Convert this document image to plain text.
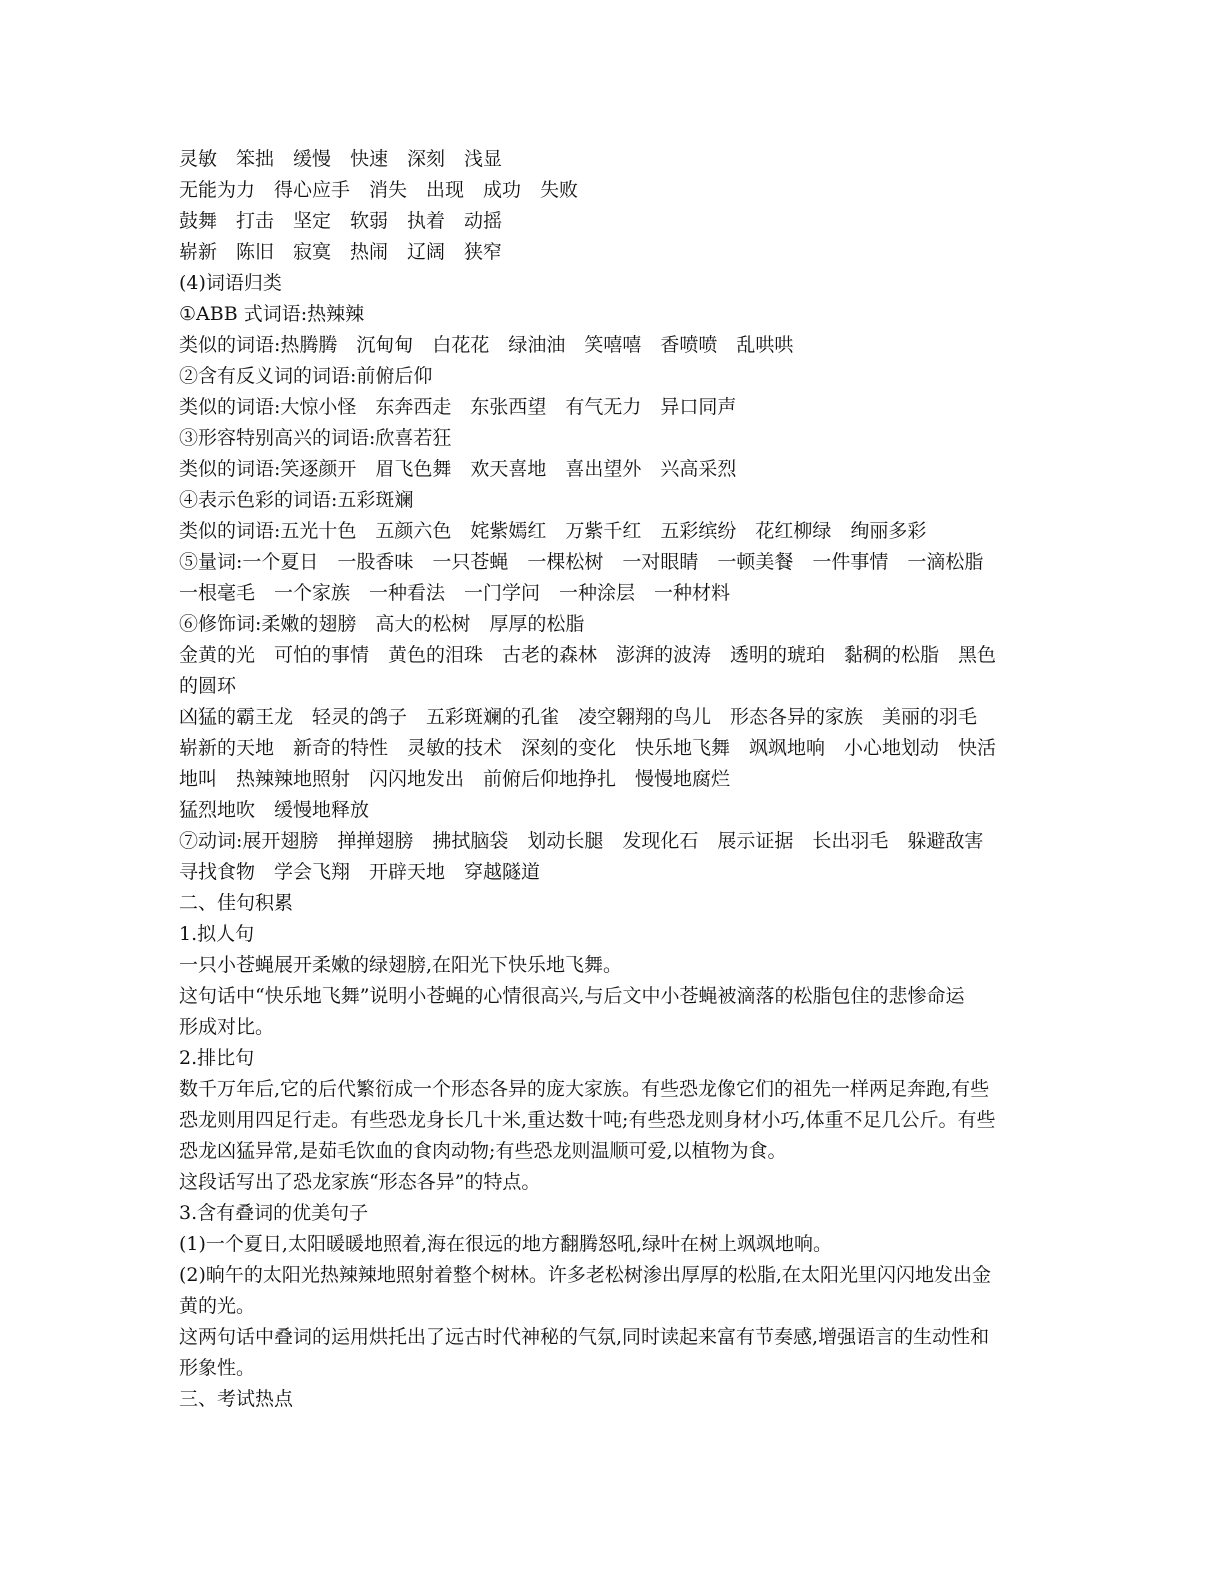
灵敏　笨拙　缓慢　快速　深刻　浅显
无能为力　得心应手　消失　出现　成功　失败
鼓舞　打击　坚定　软弱　执着　动摇
崭新　陈旧　寂寞　热闹　辽阔　狭窄
(4)词语归类
①ABB 式词语:热辣辣
类似的词语:热腾腾　沉甸甸　白花花　绿油油　笑嘻嘻　香喷喷　乱哄哄
②含有反义词的词语:前俯后仰
类似的词语:大惊小怪　东奔西走　东张西望　有气无力　异口同声
③形容特别高兴的词语:欣喜若狂
类似的词语:笑逐颜开　眉飞色舞　欢天喜地　喜出望外　兴高采烈
④表示色彩的词语:五彩斑斓
类似的词语:五光十色　五颜六色　姹紫嫣红　万紫千红　五彩缤纷　花红柳绿　绚丽多彩
⑤量词:一个夏日　一股香味　一只苍蝇　一棵松树　一对眼睛　一顿美餐　一件事情　一滴松脂
一根毫毛　一个家族　一种看法　一门学问　一种涂层　一种材料
⑥修饰词:柔嫩的翅膀　高大的松树　厚厚的松脂
金黄的光　可怕的事情　黄色的泪珠　古老的森林　澎湃的波涛　透明的琥珀　黏稠的松脂　黑色
的圆环
凶猛的霸王龙　轻灵的鸽子　五彩斑斓的孔雀　凌空翱翔的鸟儿　形态各异的家族　美丽的羽毛
崭新的天地　新奇的特性　灵敏的技术　深刻的变化　快乐地飞舞　飒飒地响　小心地划动　快活
地叫　热辣辣地照射　闪闪地发出　前俯后仰地挣扎　慢慢地腐烂
猛烈地吹　缓慢地释放
⑦动词:展开翅膀　掸掸翅膀　拂拭脑袋　划动长腿　发现化石　展示证据　长出羽毛　躲避敌害
寻找食物　学会飞翔　开辟天地　穿越隧道
二、佳句积累
1.拟人句
一只小苍蝇展开柔嫩的绿翅膀,在阳光下快乐地飞舞。
这句话中“快乐地飞舞”说明小苍蝇的心情很高兴,与后文中小苍蝇被滴落的松脂包住的悲惨命运
形成对比。
2.排比句
数千万年后,它的后代繁衍成一个形态各异的庞大家族。有些恐龙像它们的祖先一样两足奔跑,有些
恐龙则用四足行走。有些恐龙身长几十米,重达数十吨;有些恐龙则身材小巧,体重不足几公斤。有些
恐龙凶猛异常,是茹毛饮血的食肉动物;有些恐龙则温顺可爱,以植物为食。
这段话写出了恐龙家族“形态各异”的特点。
3.含有叠词的优美句子
(1)一个夏日,太阳暖暖地照着,海在很远的地方翻腾怒吼,绿叶在树上飒飒地响。
(2)晌午的太阳光热辣辣地照射着整个树林。许多老松树渗出厚厚的松脂,在太阳光里闪闪地发出金
黄的光。
这两句话中叠词的运用烘托出了远古时代神秘的气氛,同时读起来富有节奏感,增强语言的生动性和
形象性。
三、考试热点
